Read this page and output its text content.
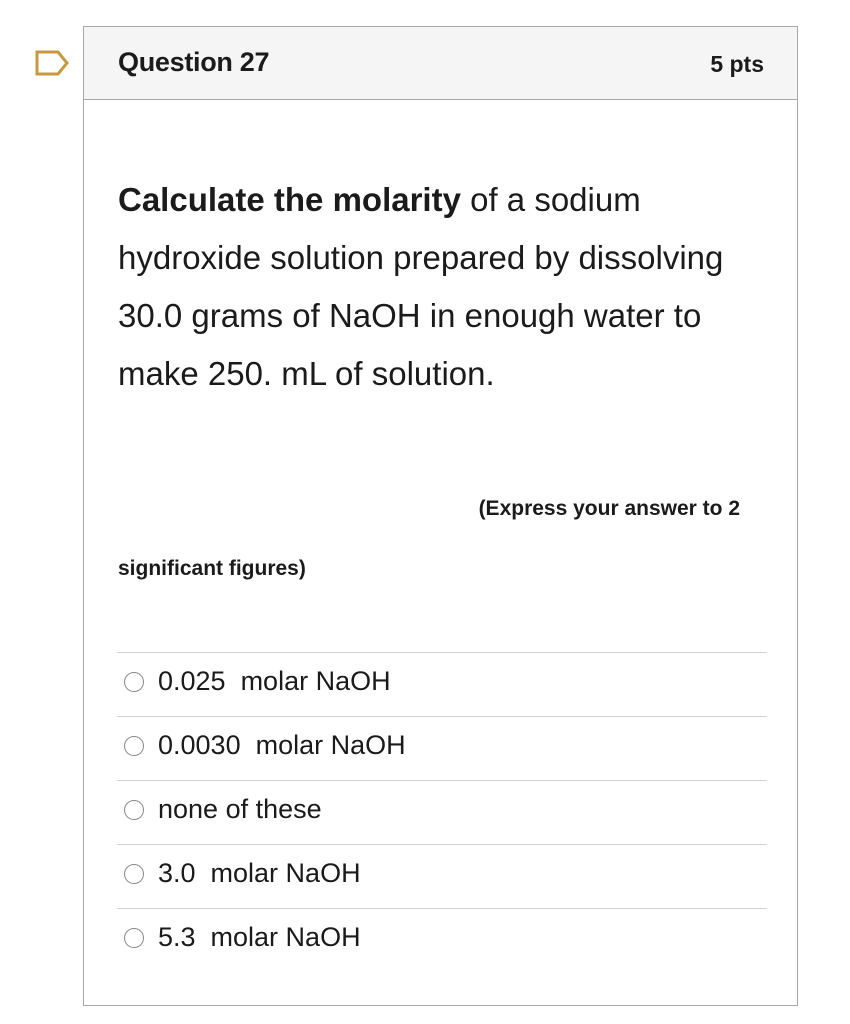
Question 27	5 pts
Calculate the molarity of a sodium hydroxide solution prepared by dissolving 30.0 grams of NaOH in enough water to make 250. mL of solution.
(Express your answer to 2
significant figures)
0.025  molar NaOH
0.0030  molar NaOH
none of these
3.0  molar NaOH
5.3  molar NaOH
